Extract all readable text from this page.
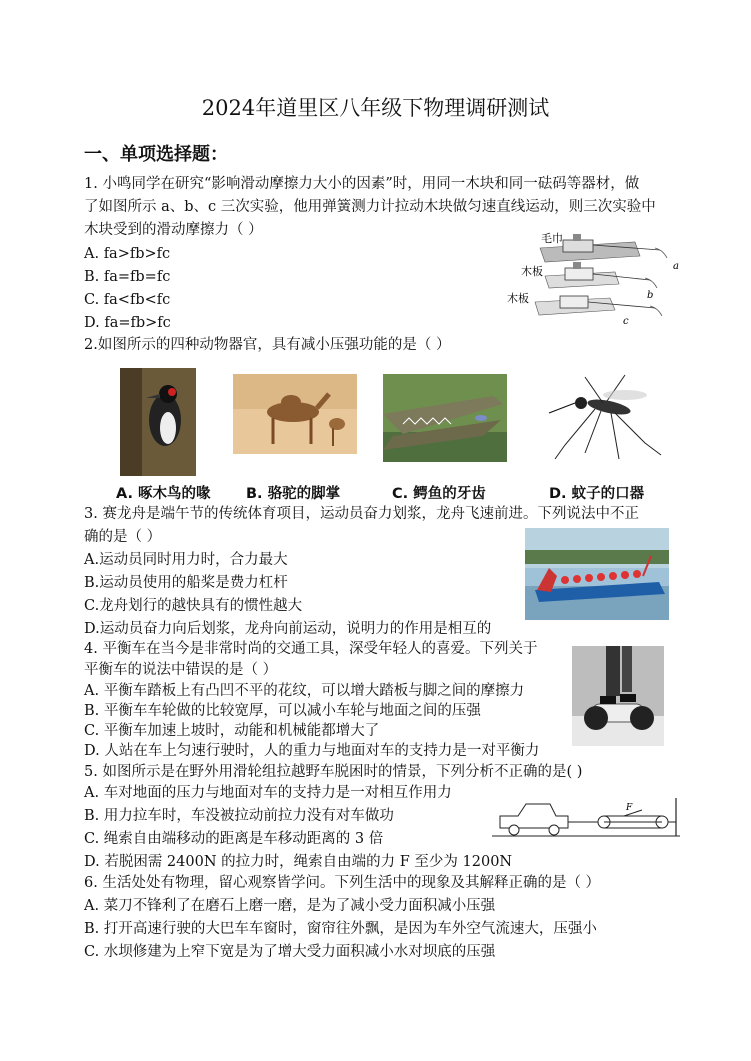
2024年道里区八年级下物理调研测试
一、单项选择题：
1. 小鸣同学在研究“影响滑动摩擦力大小的因素”时，用同一木块和同一砝码等器材，做
了如图所示 a、b、c 三次实验，他用弹簧测力计拉动木块做匀速直线运动，则三次实验中
木块受到的滑动摩擦力（ ）
A. fa>fb>fc
B. fa=fb=fc
C. fa<fb<fc
D. fa=fb>fc
毛巾
木板
木板
a
b
c
2.如图所示的四种动物器官，具有减小压强功能的是（ ）
A. 啄木鸟的喙 B. 骆驼的脚掌	C. 鳄鱼的牙齿	D. 蚊子的口器
3. 赛龙舟是端午节的传统体育项目，运动员奋力划浆，龙舟飞速前进。下列说法中不正
确的是（ ）
A.运动员同时用力时，合力最大
B.运动员使用的船桨是费力杠杆
C.龙舟划行的越快具有的惯性越大
D.运动员奋力向后划浆，龙舟向前运动，说明力的作用是相互的
4. 平衡车在当今是非常时尚的交通工具，深受年轻人的喜爱。下列关于
平衡车的说法中错误的是（ ）
A. 平衡车踏板上有凸凹不平的花纹，可以增大踏板与脚之间的摩擦力
B. 平衡车车轮做的比较宽厚，可以减小车轮与地面之间的压强
C. 平衡车加速上坡时，动能和机械能都增大了
D. 人站在车上匀速行驶时，人的重力与地面对车的支持力是一对平衡力
5. 如图所示是在野外用滑轮组拉越野车脱困时的情景，下列分析不正确的是( )
A. 车对地面的压力与地面对车的支持力是一对相互作用力
B. 用力拉车时，车没被拉动前拉力没有对车做功
C. 绳索自由端移动的距离是车移动距离的 3 倍
D. 若脱困需 2400N 的拉力时，绳索自由端的力 F 至少为 1200N
F
6. 生活处处有物理，留心观察皆学问。下列生活中的现象及其解释正确的是（ ）
A. 菜刀不锋利了在磨石上磨一磨，是为了减小受力面积减小压强
B. 打开高速行驶的大巴车车窗时，窗帘往外飘，是因为车外空气流速大，压强小
C. 水坝修建为上窄下宽是为了增大受力面积减小水对坝底的压强
